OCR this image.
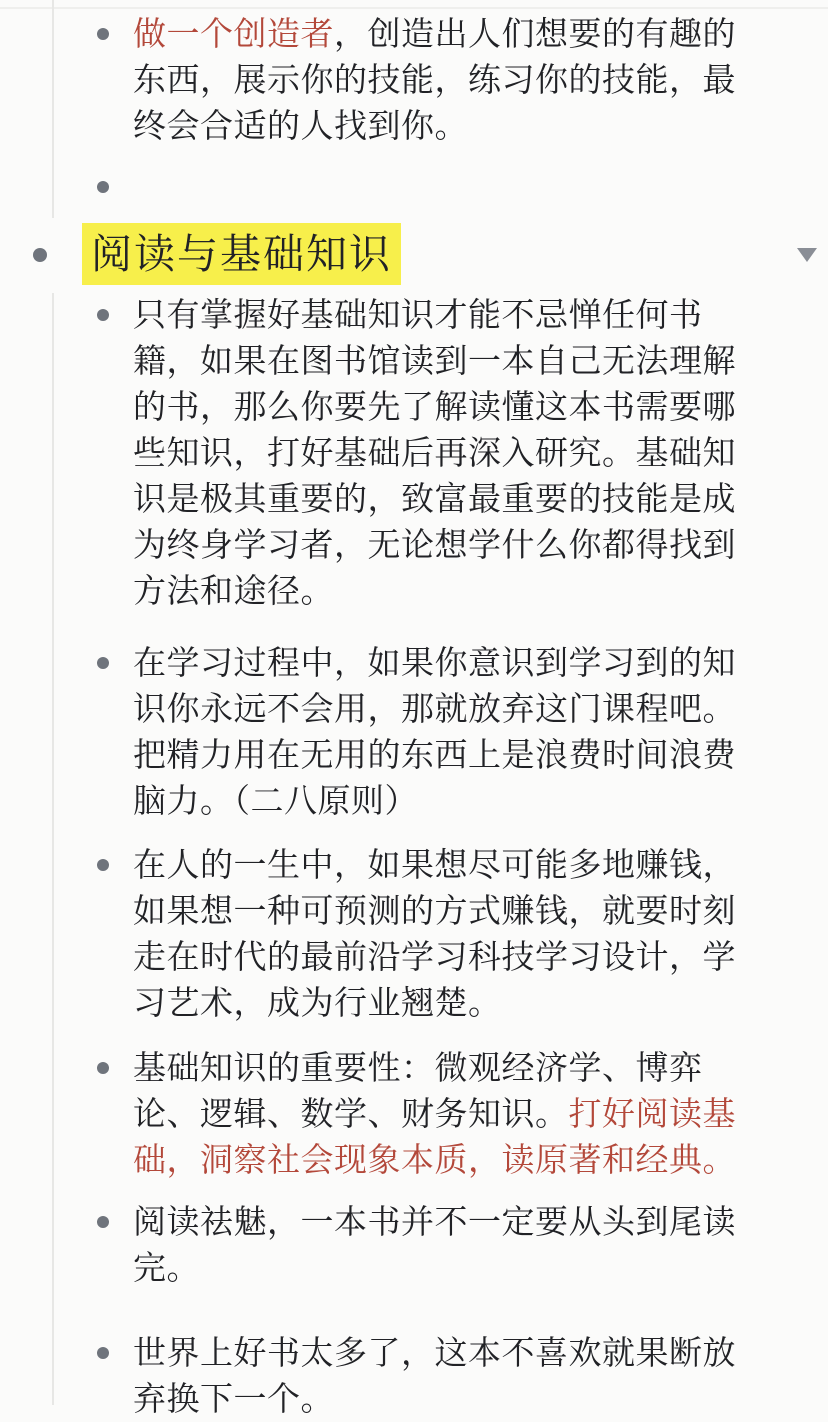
做一个创造者，创造出人们想要的有趣的
东西，展示你的技能，练习你的技能，最
终会合适的人找到你。
阅读与基础知识
只有掌握好基础知识才能不忌惮任何书
籍，如果在图书馆读到一本自己无法理解
的书，那么你要先了解读懂这本书需要哪
些知识，打好基础后再深入研究。基础知
识是极其重要的，致富最重要的技能是成
为终身学习者，无论想学什么你都得找到
方法和途径。
在学习过程中，如果你意识到学习到的知
识你永远不会用，那就放弃这门课程吧。
把精力用在无用的东西上是浪费时间浪费
脑力。（二八原则）
在人的一生中，如果想尽可能多地赚钱，
如果想一种可预测的方式赚钱，就要时刻
走在时代的最前沿学习科技学习设计，学
习艺术，成为行业翘楚。
基础知识的重要性：微观经济学、博弈
论、逻辑、数学、财务知识。打好阅读基
础，洞察社会现象本质，读原著和经典。
阅读祛魅，一本书并不一定要从头到尾读
完。
世界上好书太多了，这本不喜欢就果断放
弃换下一个。
